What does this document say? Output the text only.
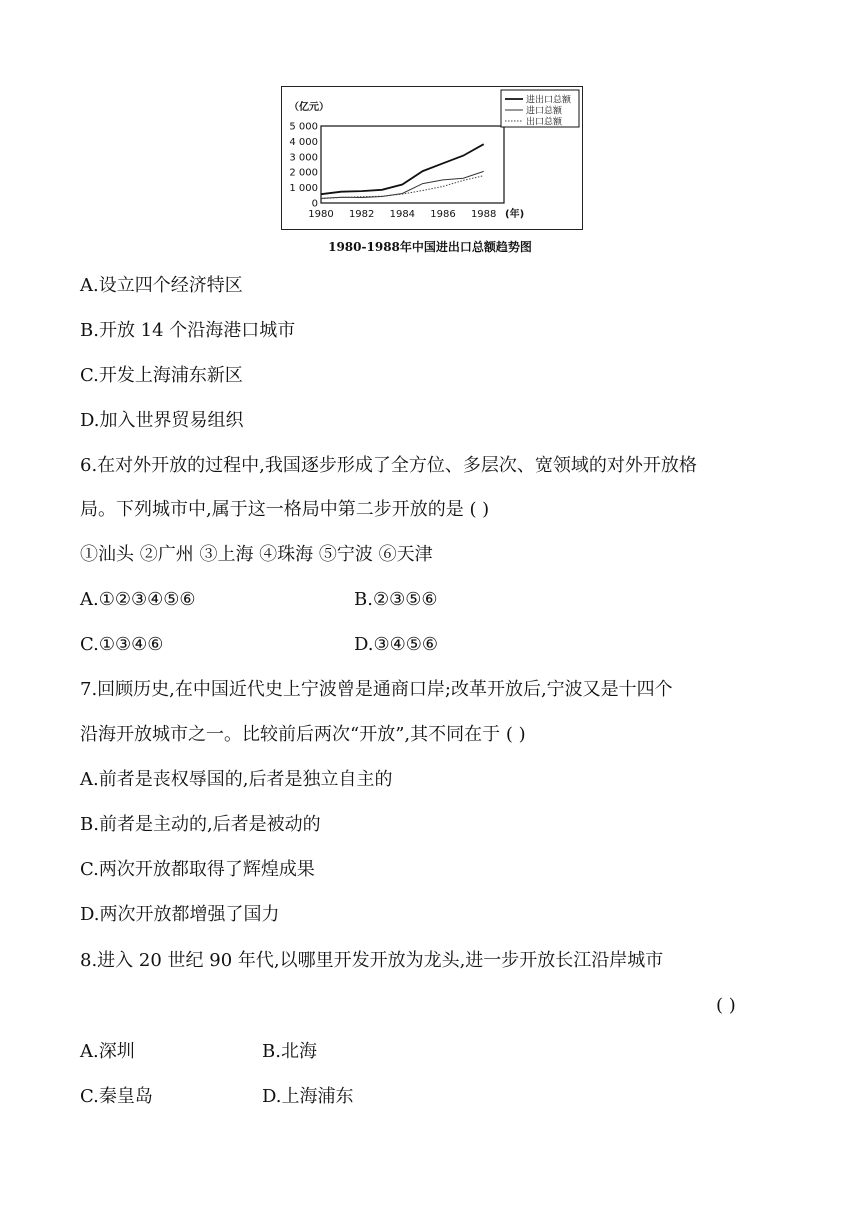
（亿元）
0
1 000
2 000
3 000
4 000
5 000
1980 1982 1984 1986 1988 (年)
进出口总额
进口总额
出口总额
1980-1988年中国进出口总额趋势图
A.设立四个经济特区
B.开放 14 个沿海港口城市
C.开发上海浦东新区
D.加入世界贸易组织
6.在对外开放的过程中,我国逐步形成了全方位、多层次、宽领域的对外开放格
局。下列城市中,属于这一格局中第二步开放的是 ( )
①汕头 ②广州 ③上海 ④珠海 ⑤宁波 ⑥天津
A.①②③④⑤⑥	B.②③⑤⑥
C.①③④⑥	D.③④⑤⑥
7.回顾历史,在中国近代史上宁波曾是通商口岸;改革开放后,宁波又是十四个
沿海开放城市之一。比较前后两次“开放”,其不同在于 ( )
A.前者是丧权辱国的,后者是独立自主的
B.前者是主动的,后者是被动的
C.两次开放都取得了辉煌成果
D.两次开放都增强了国力
8.进入 20 世纪 90 年代,以哪里开发开放为龙头,进一步开放长江沿岸城市
( )
A.深圳	B.北海
C.秦皇岛	D.上海浦东
